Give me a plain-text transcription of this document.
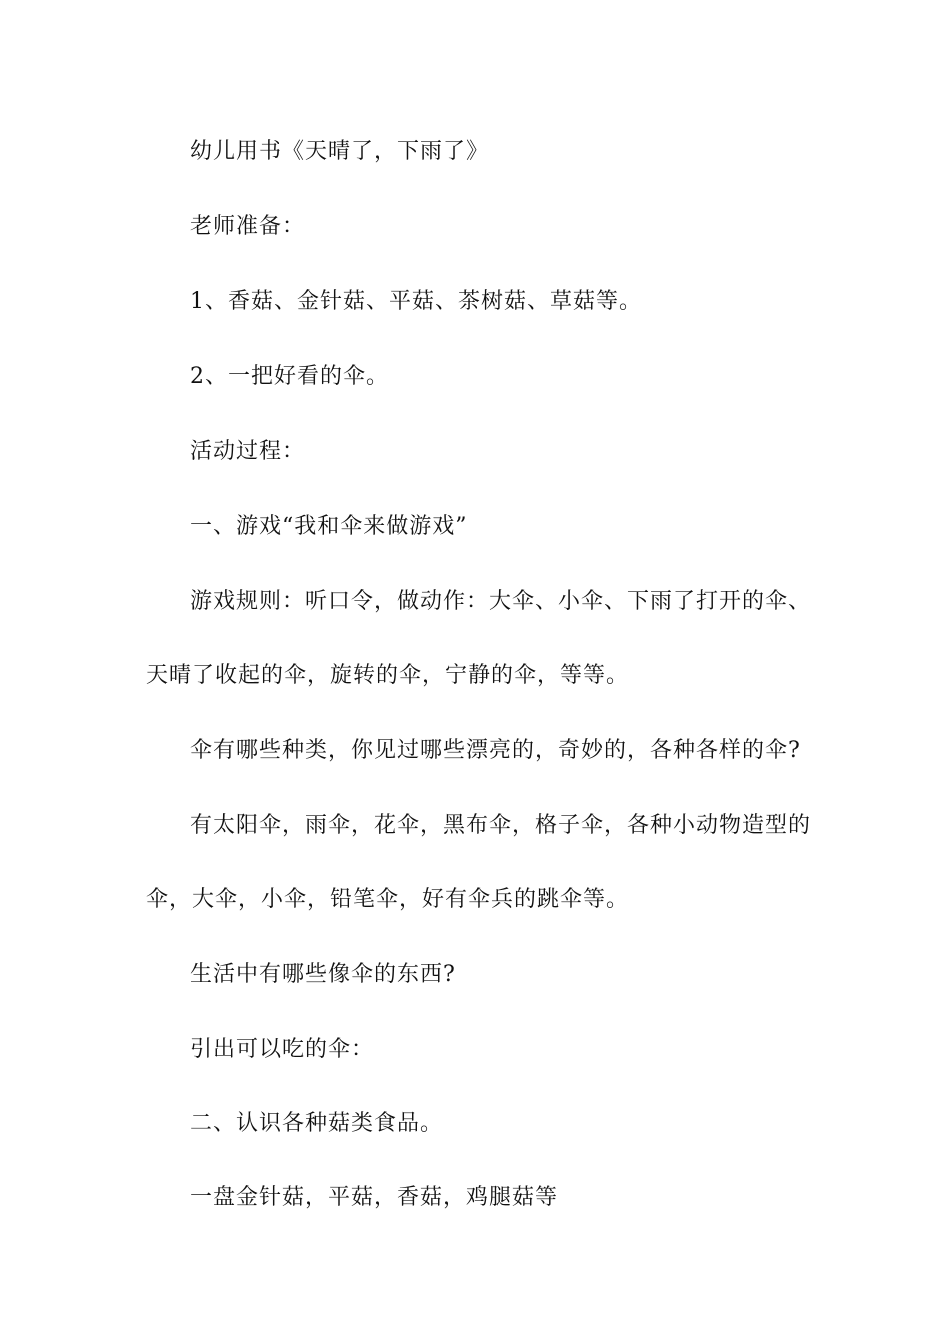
幼儿用书《天晴了，下雨了》
老师准备：
1、香菇、金针菇、平菇、茶树菇、草菇等。
2、一把好看的伞。
活动过程：
一、游戏“我和伞来做游戏”
游戏规则：听口令，做动作：大伞、小伞、下雨了打开的伞、
天晴了收起的伞，旋转的伞，宁静的伞，等等。
伞有哪些种类，你见过哪些漂亮的，奇妙的，各种各样的伞?
有太阳伞，雨伞，花伞，黑布伞，格子伞，各种小动物造型的
伞，大伞，小伞，铅笔伞，好有伞兵的跳伞等。
生活中有哪些像伞的东西?
引出可以吃的伞：
二、认识各种菇类食品。
一盘金针菇，平菇，香菇，鸡腿菇等
